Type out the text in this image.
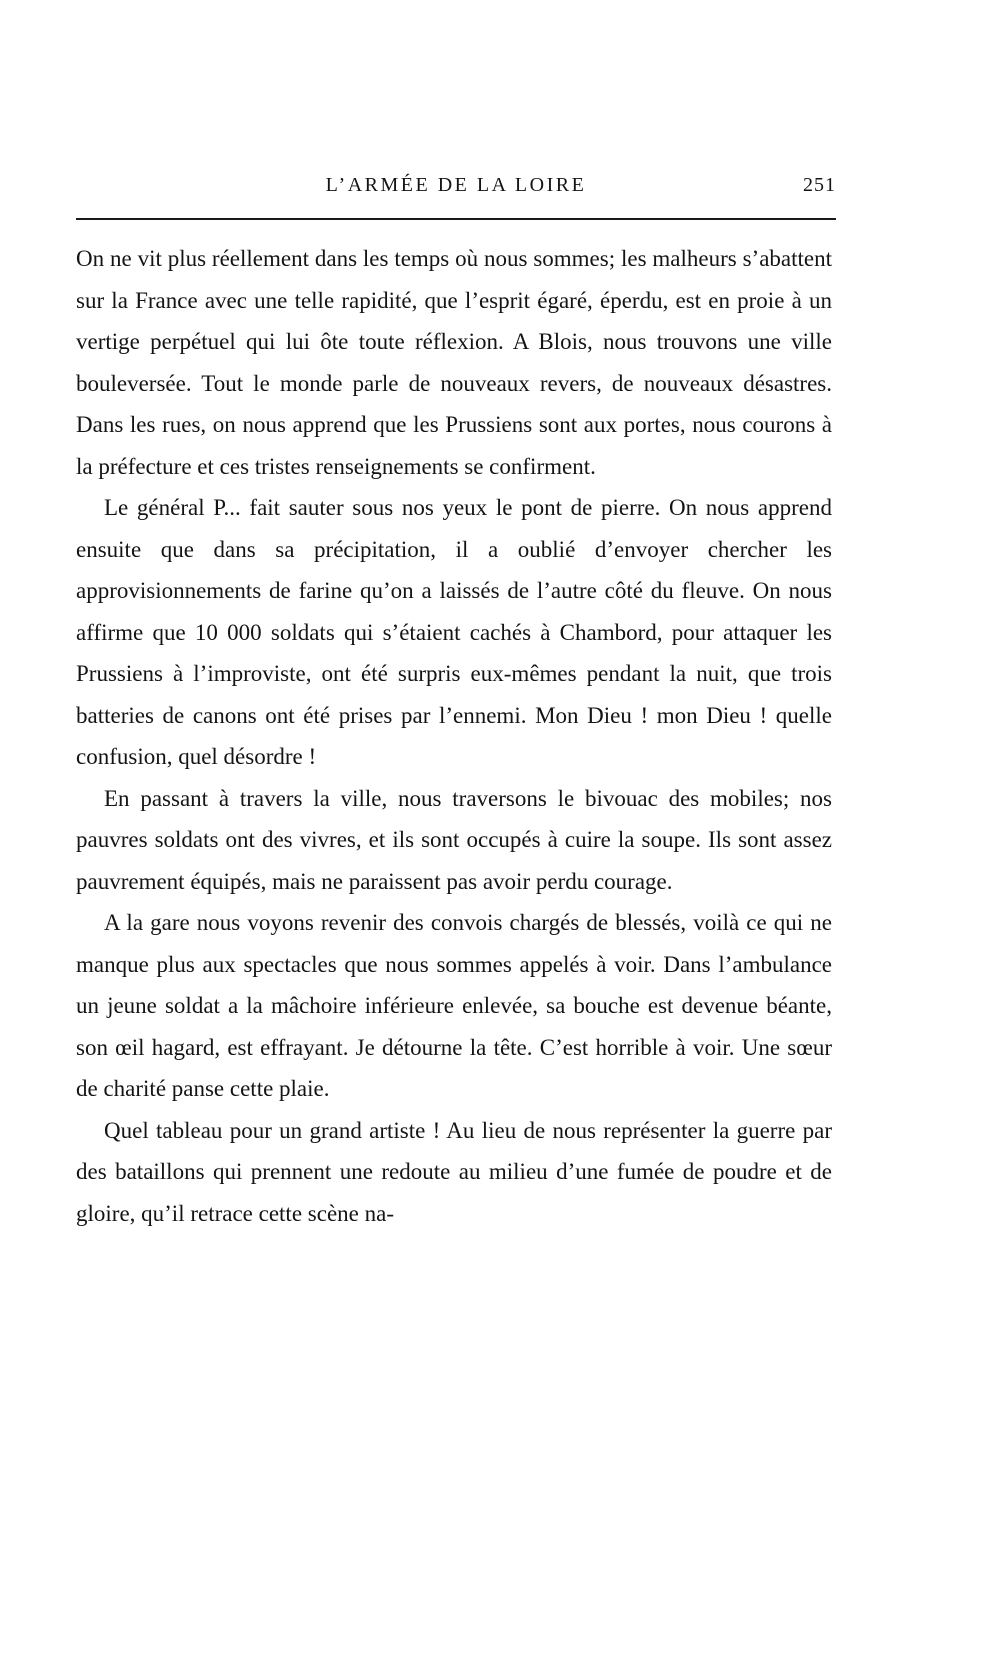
L’ARMÉE DE LA LOIRE	251

On ne vit plus réellement dans les temps où nous sommes; les malheurs s’abattent sur la France avec une telle rapidité, que l’esprit égaré, éperdu, est en proie à un vertige perpétuel qui lui ôte toute réflexion. A Blois, nous trouvons une ville bouleversée. Tout le monde parle de nouveaux revers, de nouveaux désastres. Dans les rues, on nous apprend que les Prussiens sont aux portes, nous courons à la préfecture et ces tristes renseignements se confirment.

Le général P... fait sauter sous nos yeux le pont de pierre. On nous apprend ensuite que dans sa précipitation, il a oublié d’envoyer chercher les approvisionnements de farine qu’on a laissés de l’autre côté du fleuve. On nous affirme que 10 000 soldats qui s’étaient cachés à Chambord, pour attaquer les Prussiens à l’improviste, ont été surpris eux-mêmes pendant la nuit, que trois batteries de canons ont été prises par l’ennemi. Mon Dieu ! mon Dieu ! quelle confusion, quel désordre !

En passant à travers la ville, nous traversons le bivouac des mobiles; nos pauvres soldats ont des vivres, et ils sont occupés à cuire la soupe. Ils sont assez pauvrement équipés, mais ne paraissent pas avoir perdu courage.

A la gare nous voyons revenir des convois chargés de blessés, voilà ce qui ne manque plus aux spectacles que nous sommes appelés à voir. Dans l’ambulance un jeune soldat a la mâchoire inférieure enlevée, sa bouche est devenue béante, son œil hagard, est effrayant. Je détourne la tête. C’est horrible à voir. Une sœur de charité panse cette plaie.

Quel tableau pour un grand artiste ! Au lieu de nous représenter la guerre par des bataillons qui prennent une redoute au milieu d’une fumée de poudre et de gloire, qu’il retrace cette scène na-
